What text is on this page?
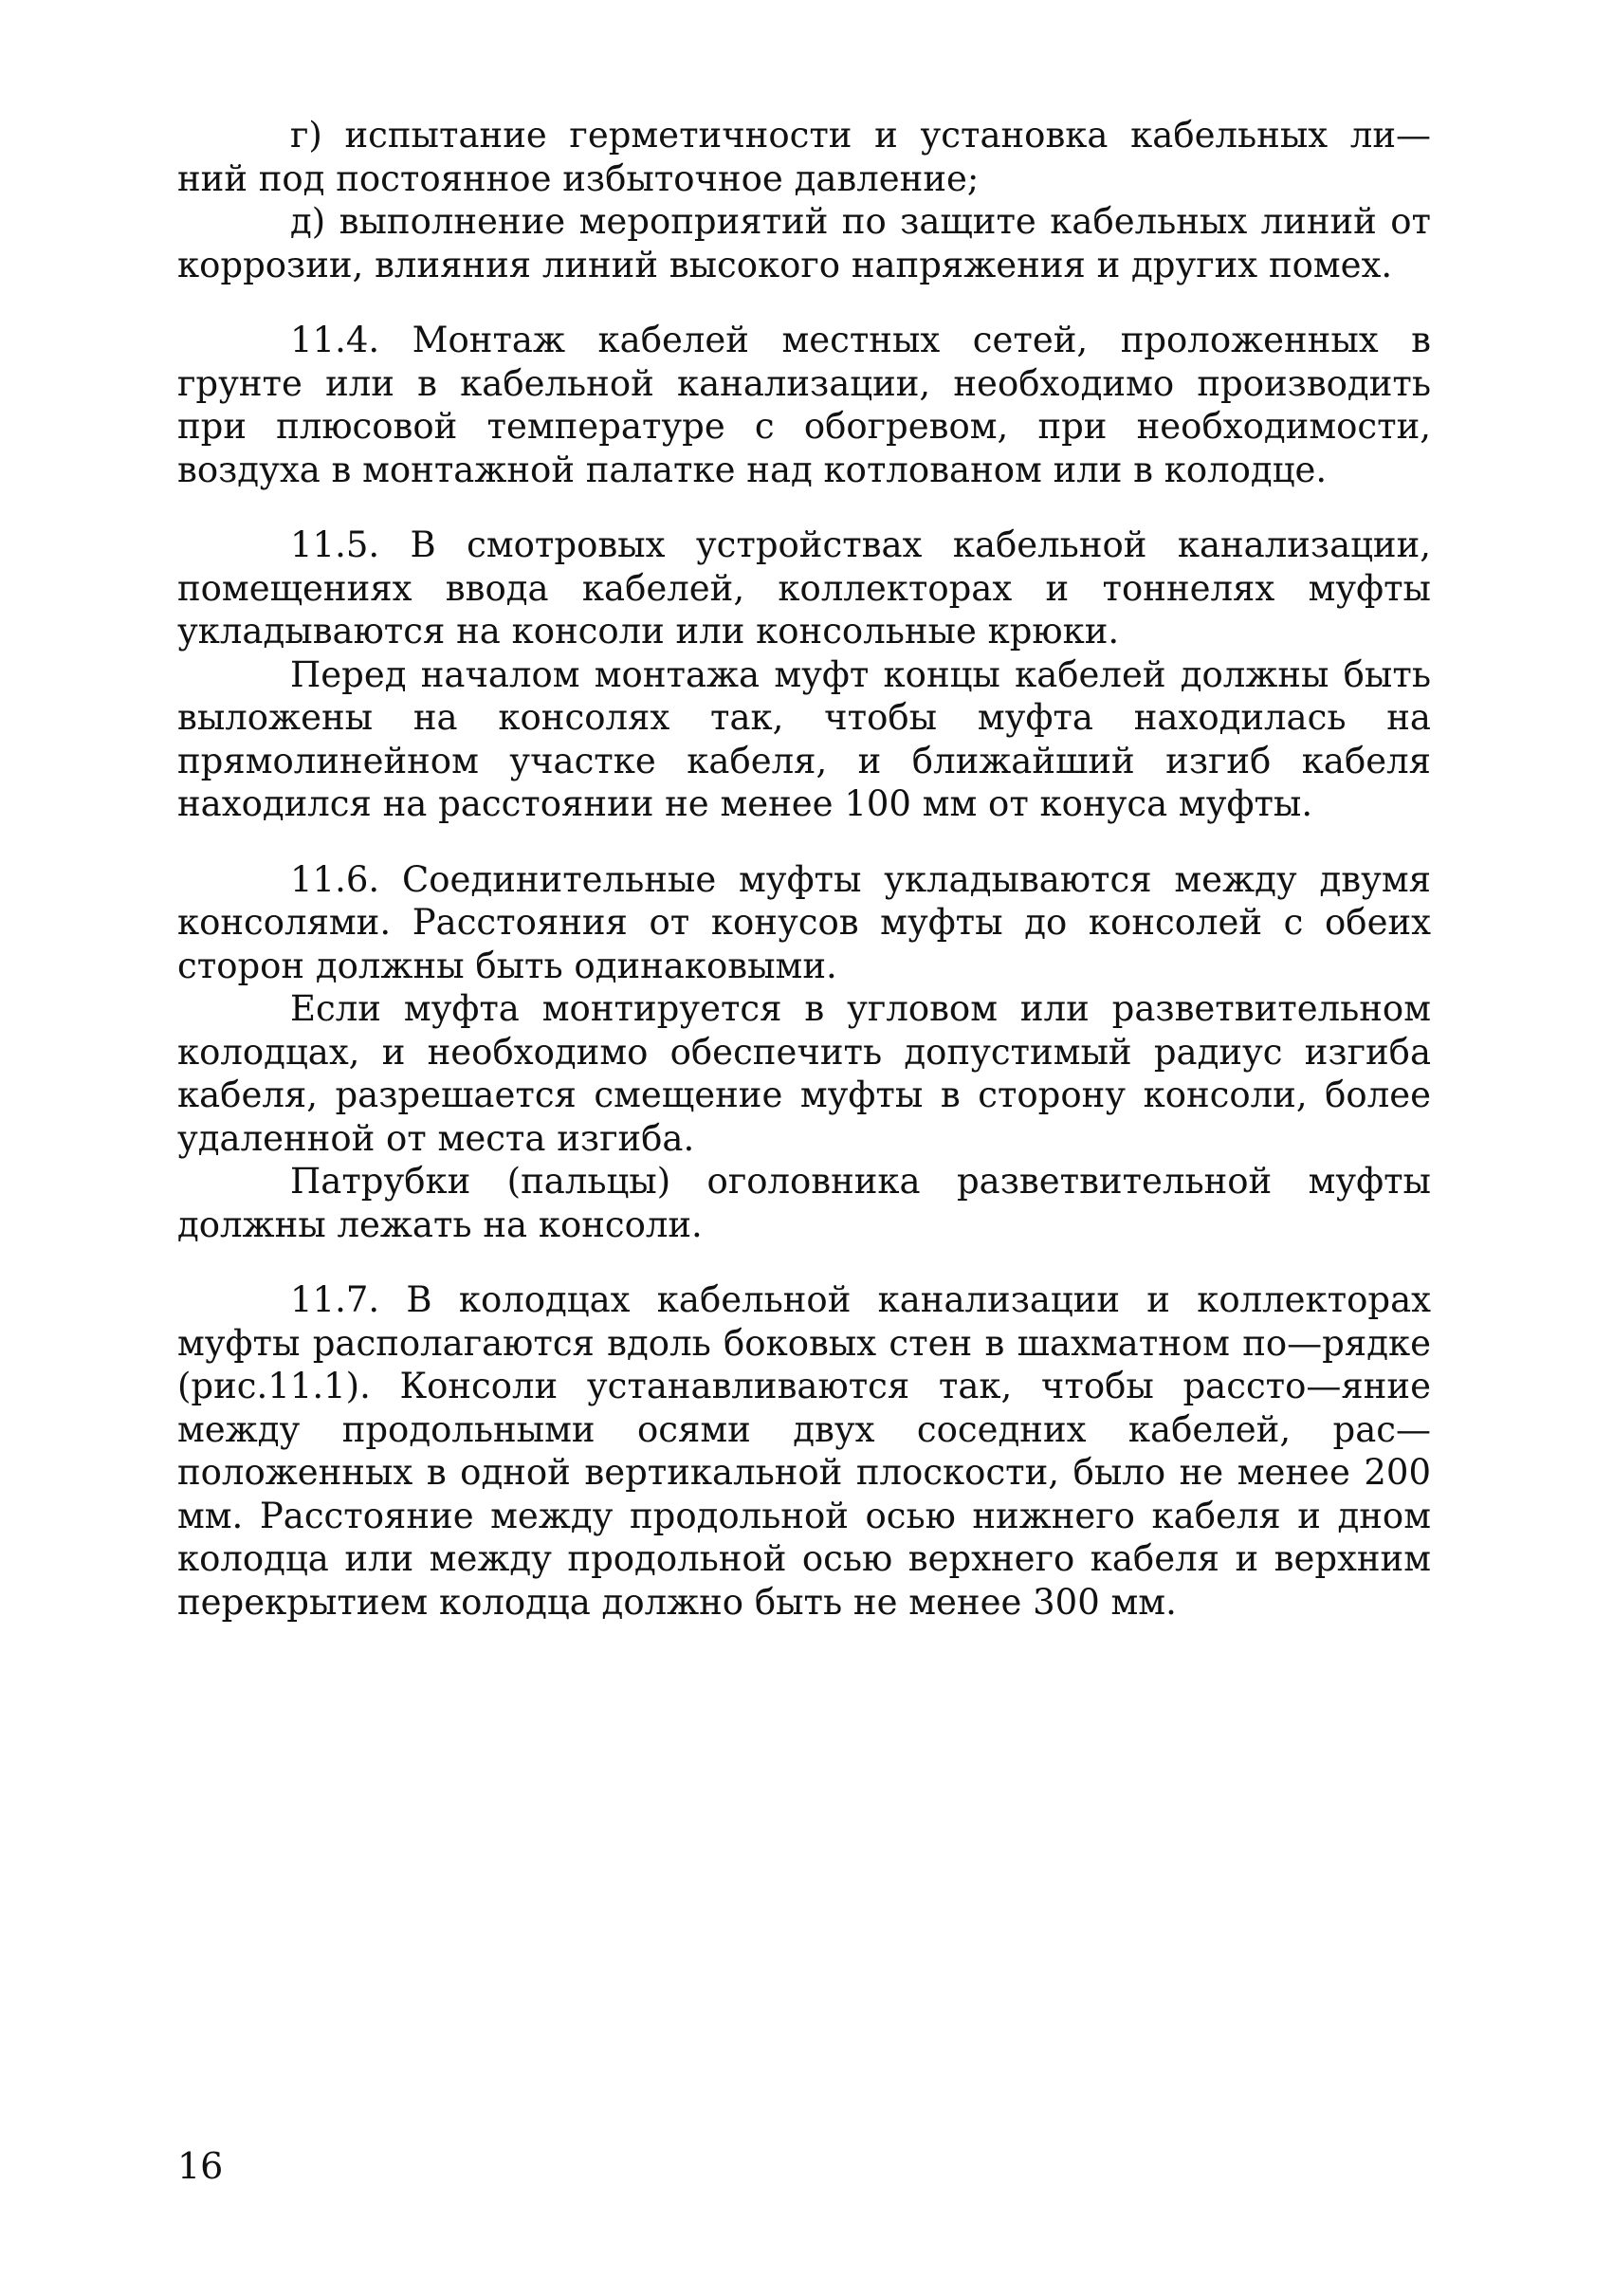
г) испытание герметичности и установка кабельных ли—ний под постоянное избыточное давление;

д) выполнение мероприятий по защите кабельных линий от коррозии, влияния линий высокого напряжения и других помех.

11.4. Монтаж кабелей местных сетей, проложенных в грунте или в кабельной канализации, необходимо производить при плюсовой температуре с обогревом, при необходимости, воздуха в монтажной палатке над котлованом или в колодце.

11.5. В смотровых устройствах кабельной канализации, помещениях ввода кабелей, коллекторах и тоннелях муфты укладываются на консоли или консольные крюки.

Перед началом монтажа муфт концы кабелей должны быть выложены на консолях так, чтобы муфта находилась на прямолинейном участке кабеля, и ближайший изгиб кабеля находился на расстоянии не менее 100 мм от конуса муфты.

11.6. Соединительные муфты укладываются между двумя консолями. Расстояния от конусов муфты до консолей с обеих сторон должны быть одинаковыми.

Если муфта монтируется в угловом или разветвительном колодцах, и необходимо обеспечить допустимый радиус изгиба кабеля, разрешается смещение муфты в сторону консоли, более удаленной от места изгиба.

Патрубки (пальцы) оголовника разветвительной муфты должны лежать на консоли.

11.7. В колодцах кабельной канализации и коллекторах муфты располагаются вдоль боковых стен в шахматном по—рядке (рис.11.1). Консоли устанавливаются так, чтобы рассто—яние между продольными осями двух соседних кабелей, рас—положенных в одной вертикальной плоскости, было не менее 200 мм. Расстояние между продольной осью нижнего кабеля и дном колодца или между продольной осью верхнего кабеля и верхним перекрытием колодца должно быть не менее 300 мм.

16
